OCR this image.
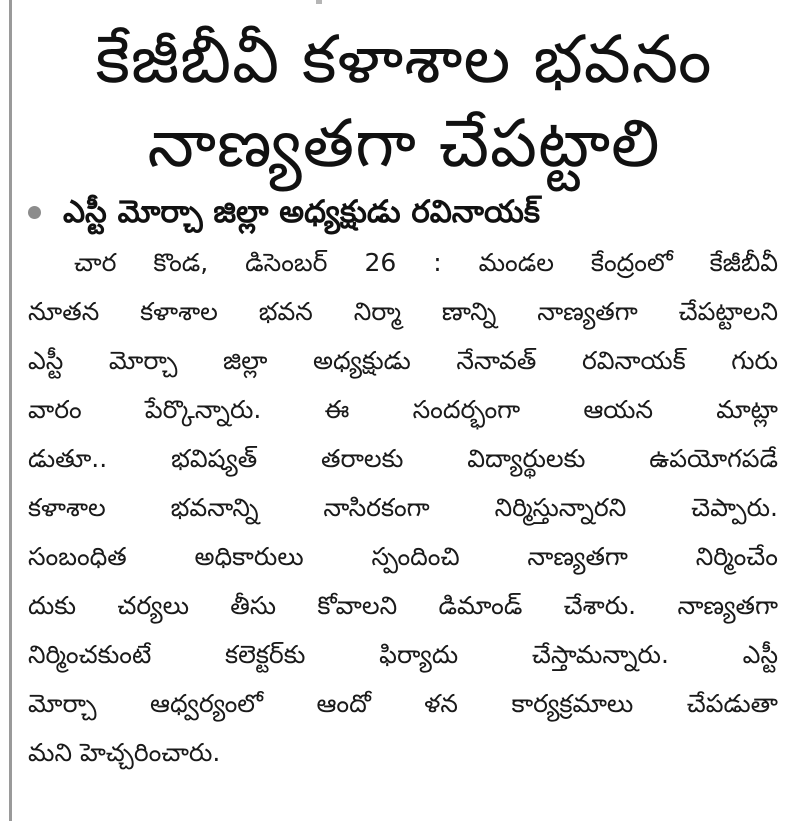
కేజీబీవీ కళాశాల భవనం
నాణ్యతగా చేపట్టాలి
ఎస్టీ మోర్చా జిల్లా అధ్యక్షుడు రవినాయక్
చార కొండ, డిసెంబర్ 26 : మండల కేంద్రంలో కేజీబీవీ
నూతన కళాశాల భవన నిర్మా ణాన్ని నాణ్యతగా చేపట్టాలని
ఎస్టీ మోర్చా జిల్లా అధ్యక్షుడు నేనావత్ రవినాయక్ గురు
వారం పేర్కొన్నారు. ఈ సందర్భంగా ఆయన మాట్లా
డుతూ.. భవిష్యత్ తరాలకు విద్యార్థులకు ఉపయోగపడే
కళాశాల భవనాన్ని నాసిరకంగా నిర్మిస్తున్నారని చెప్పారు.
సంబంధిత అధికారులు స్పందించి నాణ్యతగా నిర్మించేం
దుకు చర్యలు తీసు కోవాలని డిమాండ్ చేశారు. నాణ్యతగా
నిర్మించకుంటే కలెక్టర్‌కు ఫిర్యాదు చేస్తామన్నారు. ఎస్టీ
మోర్చా ఆధ్వర్యంలో ఆందో ళన కార్యక్రమాలు చేపడుతా
మని హెచ్చరించారు.
